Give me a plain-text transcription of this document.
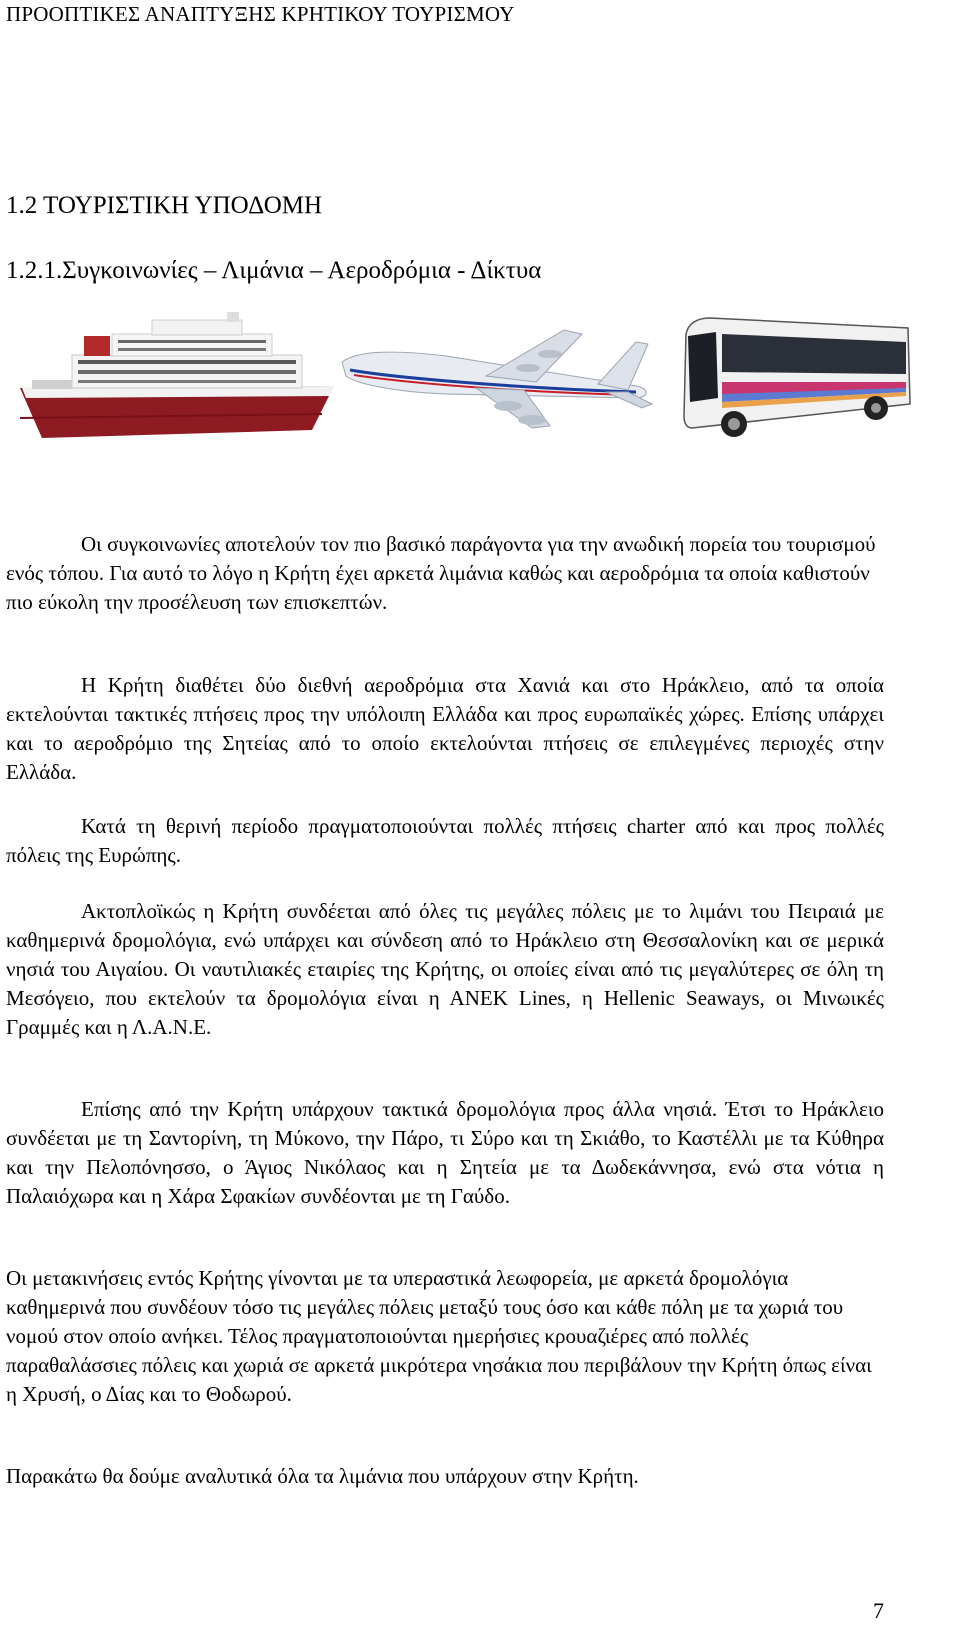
ΠΡΟΟΠΤΙΚΕΣ ΑΝΑΠΤΥΞΗΣ ΚΡΗΤΙΚΟΥ ΤΟΥΡΙΣΜΟΥ
1.2 ΤΟΥΡΙΣΤΙΚΗ ΥΠΟΔΟΜΗ
1.2.1.Συγκοινωνίες – Λιμάνια – Αεροδρόμια - Δίκτυα

Οι συγκοινωνίες αποτελούν τον πιο βασικό παράγοντα για την ανωδική πορεία του τουρισμού ενός τόπου. Για αυτό το λόγο η Κρήτη έχει αρκετά λιμάνια καθώς και αεροδρόμια τα οποία καθιστούν πιο εύκολη την προσέλευση των επισκεπτών.

Η Κρήτη διαθέτει δύο διεθνή αεροδρόμια στα Χανιά και στο Ηράκλειο, από τα οποία εκτελούνται τακτικές πτήσεις προς την υπόλοιπη Ελλάδα και προς ευρωπαϊκές χώρες. Επίσης υπάρχει και το αεροδρόμιο της Σητείας από το οποίο εκτελούνται πτήσεις σε επιλεγμένες περιοχές στην Ελλάδα.

Κατά τη θερινή περίοδο πραγματοποιούνται πολλές πτήσεις charter από και προς πολλές πόλεις της Ευρώπης.

Ακτοπλοϊκώς η Κρήτη συνδέεται από όλες τις μεγάλες πόλεις με το λιμάνι του Πειραιά με καθημερινά δρομολόγια, ενώ υπάρχει και σύνδεση από το Ηράκλειο στη Θεσσαλονίκη και σε μερικά νησιά του Αιγαίου. Οι ναυτιλιακές εταιρίες της Κρήτης, οι οποίες είναι από τις μεγαλύτερες σε όλη τη Μεσόγειο, που εκτελούν τα δρομολόγια είναι η ΑΝΕΚ Lines, η Hellenic Seaways, οι Μινωικές Γραμμές και η Λ.Α.Ν.Ε.

Επίσης από την Κρήτη υπάρχουν τακτικά δρομολόγια προς άλλα νησιά. Έτσι το Ηράκλειο συνδέεται με τη Σαντορίνη, τη Μύκονο, την Πάρο, τι Σύρο και τη Σκιάθο, το Καστέλλι με τα Κύθηρα και την Πελοπόνησσο, ο Άγιος Νικόλαος και η Σητεία με τα Δωδεκάννησα, ενώ στα νότια η Παλαιόχωρα και η Χάρα Σφακίων συνδέονται με τη Γαύδο.

Οι μετακινήσεις εντός Κρήτης γίνονται με τα υπεραστικά λεωφορεία, με αρκετά δρομολόγια καθημερινά που συνδέουν τόσο τις μεγάλες πόλεις μεταξύ τους όσο και κάθε πόλη με τα χωριά του νομού στον οποίο ανήκει. Τέλος πραγματοποιούνται ημερήσιες κρουαζιέρες από πολλές παραθαλάσσιες πόλεις και χωριά σε αρκετά μικρότερα νησάκια που περιβάλουν την Κρήτη όπως είναι η Χρυσή, ο Δίας και το Θοδωρού.

Παρακάτω θα δούμε αναλυτικά όλα τα λιμάνια που υπάρχουν στην Κρήτη.

7
